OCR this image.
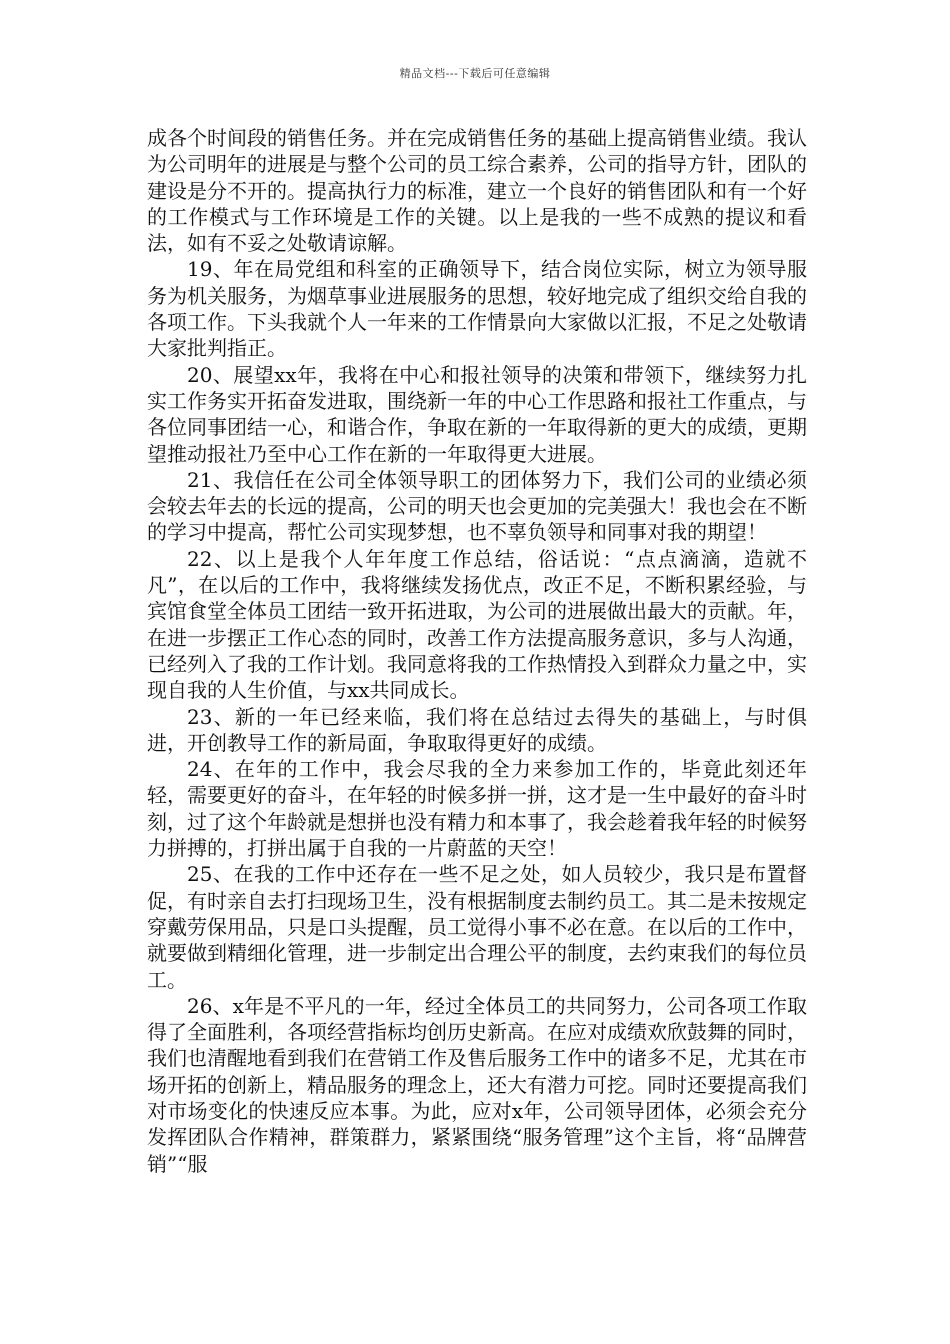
精品文档---下载后可任意编辑

成各个时间段的销售任务。并在完成销售任务的基础上提高销售业绩。我认为公司明年的进展是与整个公司的员工综合素养，公司的指导方针，团队的建设是分不开的。提高执行力的标准，建立一个良好的销售团队和有一个好的工作模式与工作环境是工作的关键。以上是我的一些不成熟的提议和看法，如有不妥之处敬请谅解。

19、年在局党组和科室的正确领导下，结合岗位实际，树立为领导服务为机关服务，为烟草事业进展服务的思想，较好地完成了组织交给自我的各项工作。下头我就个人一年来的工作情景向大家做以汇报，不足之处敬请大家批判指正。

20、展望xx年，我将在中心和报社领导的决策和带领下，继续努力扎实工作务实开拓奋发进取，围绕新一年的中心工作思路和报社工作重点，与各位同事团结一心，和谐合作，争取在新的一年取得新的更大的成绩，更期望推动报社乃至中心工作在新的一年取得更大进展。

21、我信任在公司全体领导职工的团体努力下，我们公司的业绩必须会较去年去的长远的提高，公司的明天也会更加的完美强大！我也会在不断的学习中提高，帮忙公司实现梦想，也不辜负领导和同事对我的期望！

22、以上是我个人年年度工作总结，俗话说：“点点滴滴，造就不凡”，在以后的工作中，我将继续发扬优点，改正不足，不断积累经验，与宾馆食堂全体员工团结一致开拓进取，为公司的进展做出最大的贡献。年，在进一步摆正工作心态的同时，改善工作方法提高服务意识，多与人沟通，已经列入了我的工作计划。我同意将我的工作热情投入到群众力量之中，实现自我的人生价值，与xx共同成长。

23、新的一年已经来临，我们将在总结过去得失的基础上，与时俱进，开创教导工作的新局面，争取取得更好的成绩。

24、在年的工作中，我会尽我的全力来参加工作的，毕竟此刻还年轻，需要更好的奋斗，在年轻的时候多拼一拼，这才是一生中最好的奋斗时刻，过了这个年龄就是想拼也没有精力和本事了，我会趁着我年轻的时候努力拼搏的，打拼出属于自我的一片蔚蓝的天空！

25、在我的工作中还存在一些不足之处，如人员较少，我只是布置督促，有时亲自去打扫现场卫生，没有根据制度去制约员工。其二是未按规定穿戴劳保用品，只是口头提醒，员工觉得小事不必在意。在以后的工作中，就要做到精细化管理，进一步制定出合理公平的制度，去约束我们的每位员工。

26、x年是不平凡的一年，经过全体员工的共同努力，公司各项工作取得了全面胜利，各项经营指标均创历史新高。在应对成绩欢欣鼓舞的同时，我们也清醒地看到我们在营销工作及售后服务工作中的诸多不足，尤其在市场开拓的创新上，精品服务的理念上，还大有潜力可挖。同时还要提高我们对市场变化的快速反应本事。为此，应对x年，公司领导团体，必须会充分发挥团队合作精神，群策群力，紧紧围绕“服务管理”这个主旨，将“品牌营销”“服
